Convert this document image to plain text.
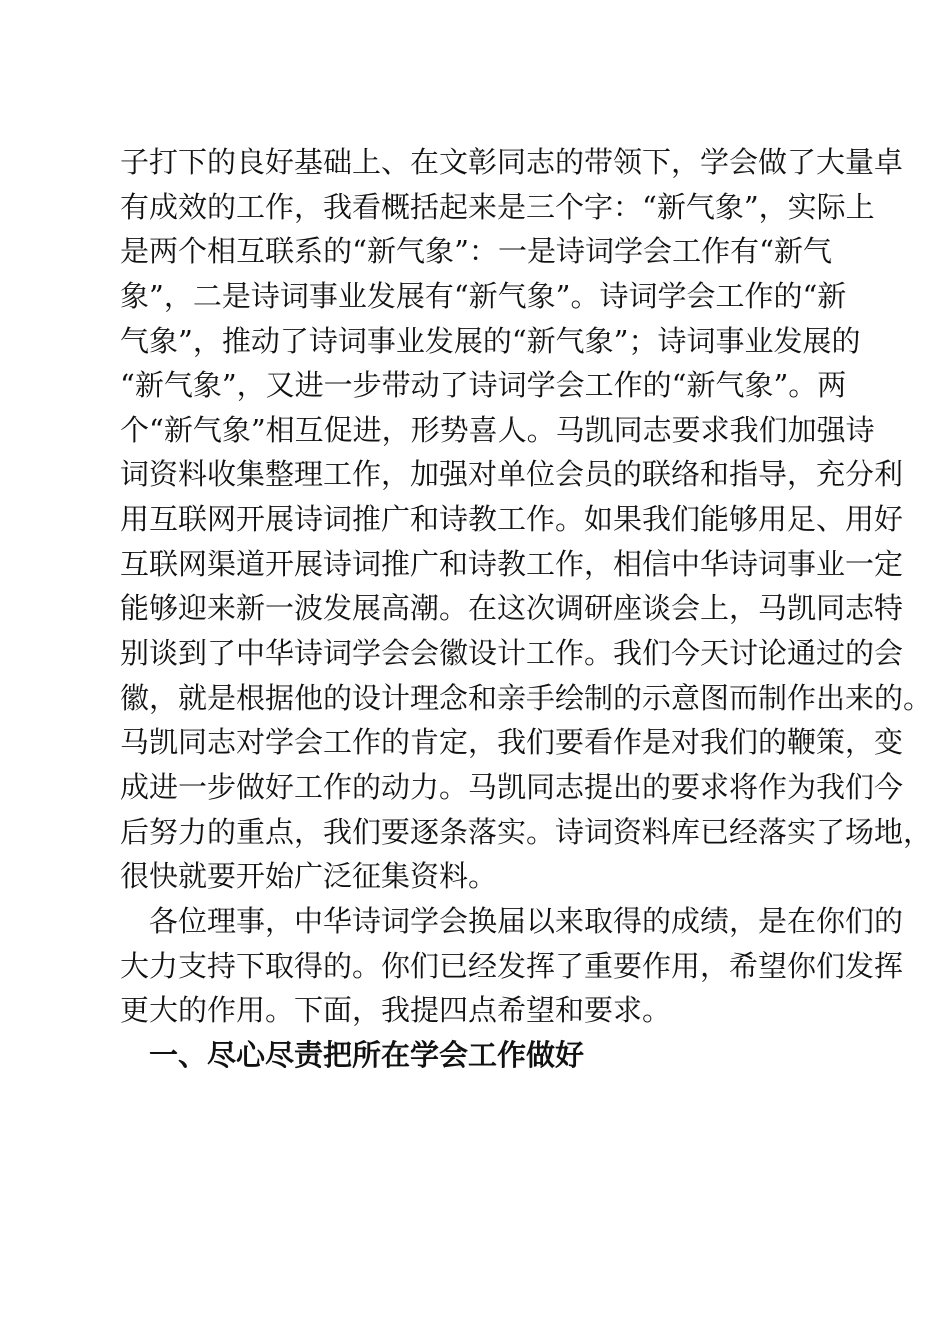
子打下的良好基础上、在文彰同志的带领下，学会做了大量卓
有成效的工作，我看概括起来是三个字：“新气象”，实际上
是两个相互联系的“新气象”：一是诗词学会工作有“新气
象”，二是诗词事业发展有“新气象”。诗词学会工作的“新
气象”，推动了诗词事业发展的“新气象”；诗词事业发展的
“新气象”，又进一步带动了诗词学会工作的“新气象”。两
个“新气象”相互促进，形势喜人。马凯同志要求我们加强诗
词资料收集整理工作，加强对单位会员的联络和指导，充分利
用互联网开展诗词推广和诗教工作。如果我们能够用足、用好
互联网渠道开展诗词推广和诗教工作，相信中华诗词事业一定
能够迎来新一波发展高潮。在这次调研座谈会上，马凯同志特
别谈到了中华诗词学会会徽设计工作。我们今天讨论通过的会
徽，就是根据他的设计理念和亲手绘制的示意图而制作出来的。
马凯同志对学会工作的肯定，我们要看作是对我们的鞭策，变
成进一步做好工作的动力。马凯同志提出的要求将作为我们今
后努力的重点，我们要逐条落实。诗词资料库已经落实了场地，
很快就要开始广泛征集资料。
各位理事，中华诗词学会换届以来取得的成绩，是在你们的
大力支持下取得的。你们已经发挥了重要作用，希望你们发挥
更大的作用。下面，我提四点希望和要求。
一、尽心尽责把所在学会工作做好
